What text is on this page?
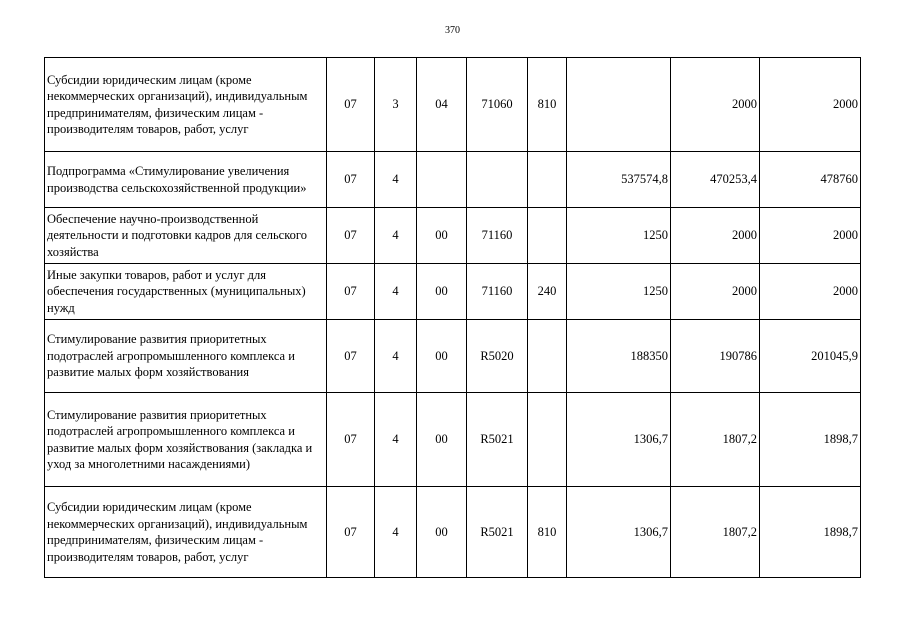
370
Субсидии юридическим лицам (кроме некоммерческих организаций), индивидуальным предпринимателям, физическим лицам - производителям товаров, работ, услуг	07	3	04	71060	810		2000	2000
Подпрограмма «Стимулирование увеличения производства сельскохозяйственной продукции»	07	4				537574,8	470253,4	478760
Обеспечение научно-производственной деятельности и подготовки кадров для сельского хозяйства	07	4	00	71160		1250	2000	2000
Иные закупки товаров, работ и услуг для обеспечения государственных (муниципальных) нужд	07	4	00	71160	240	1250	2000	2000
Стимулирование развития приоритетных подотраслей агропромышленного комплекса и развитие малых форм хозяйствования	07	4	00	R5020		188350	190786	201045,9
Стимулирование развития приоритетных подотраслей агропромышленного комплекса и развитие малых форм хозяйствования (закладка и уход за многолетними насаждениями)	07	4	00	R5021		1306,7	1807,2	1898,7
Субсидии юридическим лицам (кроме некоммерческих организаций), индивидуальным предпринимателям, физическим лицам - производителям товаров, работ, услуг	07	4	00	R5021	810	1306,7	1807,2	1898,7
